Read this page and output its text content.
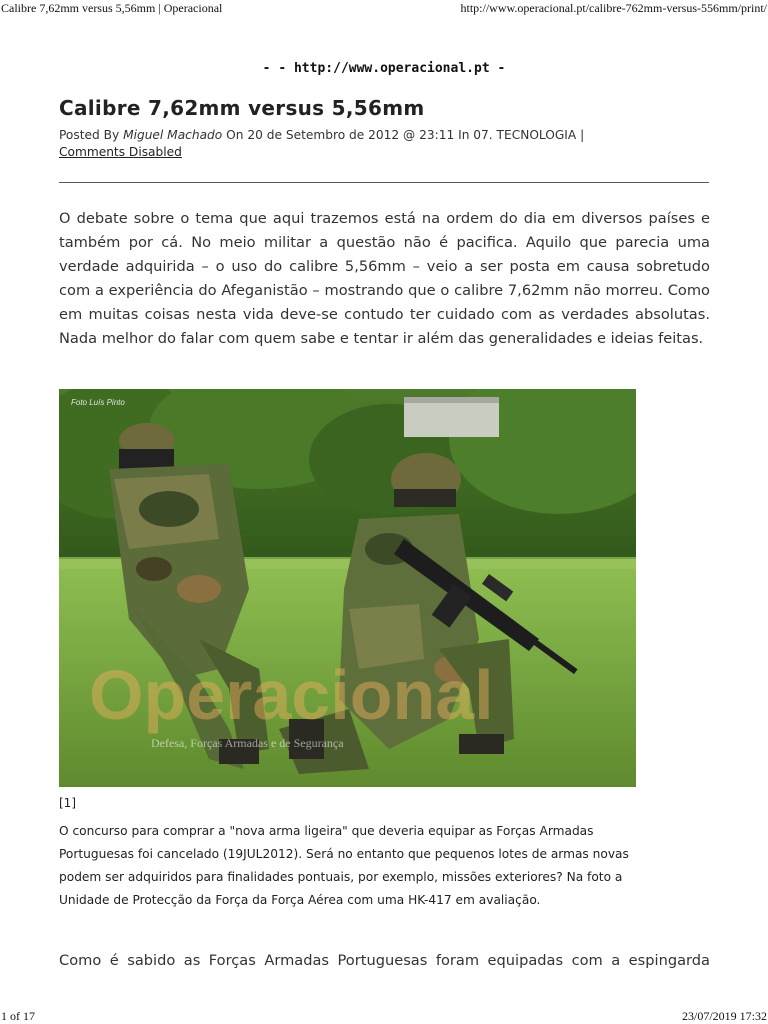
Calibre 7,62mm versus 5,56mm | Operacional	http://www.operacional.pt/calibre-762mm-versus-556mm/print/
- - http://www.operacional.pt -
Calibre 7,62mm versus 5,56mm
Posted By Miguel Machado On 20 de Setembro de 2012 @ 23:11 In 07. TECNOLOGIA |
Comments Disabled

O debate sobre o tema que aqui trazemos está na ordem do dia em diversos países e também por cá. No meio militar a questão não é pacifica. Aquilo que parecia uma verdade adquirida – o uso do calibre 5,56mm – veio a ser posta em causa sobretudo com a experiência do Afeganistão – mostrando que o calibre 7,62mm não morreu. Como em muitas coisas nesta vida deve-se contudo ter cuidado com as verdades absolutas. Nada melhor do falar com quem sabe e tentar ir além das generalidades e ideias feitas.

Foto Luís Pinto
Operacional
Defesa, Forças Armadas e de Segurança
[1]

O concurso para comprar a "nova arma ligeira" que deveria equipar as Forças Armadas Portuguesas foi cancelado (19JUL2012). Será no entanto que pequenos lotes de armas novas podem ser adquiridos para finalidades pontuais, por exemplo, missões exteriores? Na foto a Unidade de Protecção da Força da Força Aérea com uma HK-417 em avaliação.

Como é sabido as Forças Armadas Portuguesas foram equipadas com a espingarda

1 of 17	23/07/2019 17:32
